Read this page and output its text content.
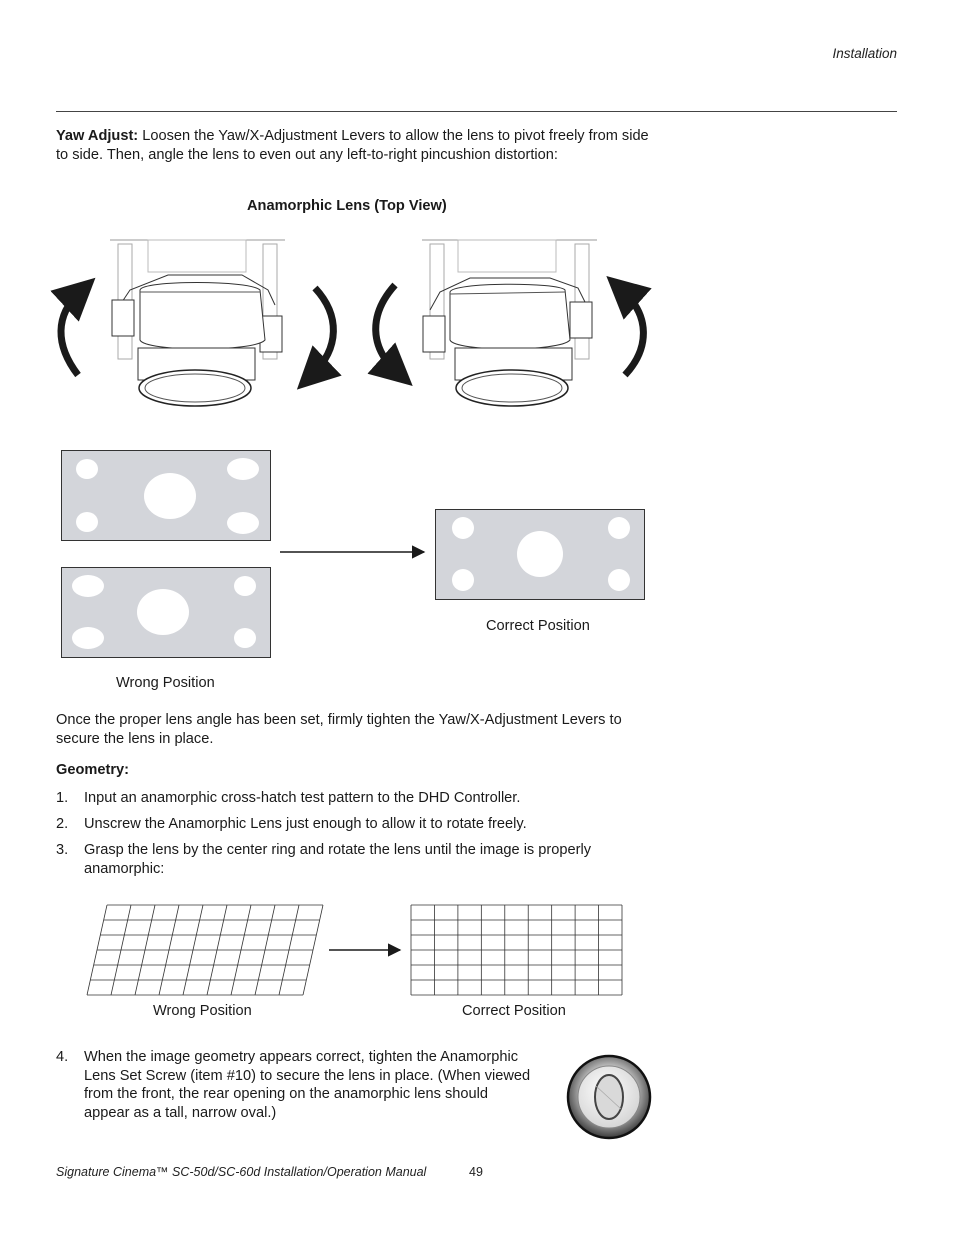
Installation
Yaw Adjust: Loosen the Yaw/X-Adjustment Levers to allow the lens to pivot freely from side to side. Then, angle the lens to even out any left-to-right pincushion distortion:
Anamorphic Lens (Top View)
Correct Position
Wrong Position
Once the proper lens angle has been set, firmly tighten the Yaw/X-Adjustment Levers to secure the lens in place.
Geometry:
1. Input an anamorphic cross-hatch test pattern to the DHD Controller.
2. Unscrew the Anamorphic Lens just enough to allow it to rotate freely.
3. Grasp the lens by the center ring and rotate the lens until the image is properly anamorphic:
Wrong Position	Correct Position
4. When the image geometry appears correct, tighten the Anamorphic Lens Set Screw (item #10) to secure the lens in place. (When viewed from the front, the rear opening on the anamorphic lens should appear as a tall, narrow oval.)
Signature Cinema™ SC-50d/SC-60d Installation/Operation Manual	49
